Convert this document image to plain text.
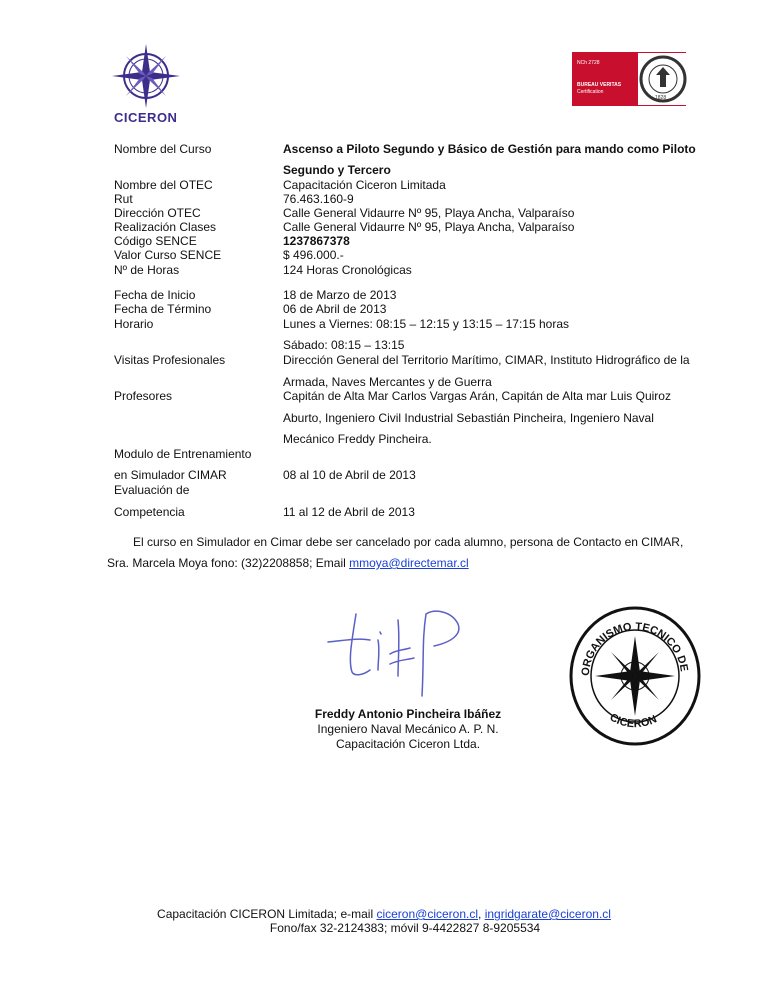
CICERON
NCh 2728
BUREAU VERITAS
Certification
1828
Nombre del Curso	Ascenso a Piloto Segundo y Básico de Gestión para mando como Piloto
Segundo y Tercero
Nombre del OTEC	Capacitación Ciceron Limitada
Rut	76.463.160-9
Dirección OTEC	Calle General Vidaurre Nº 95, Playa Ancha, Valparaíso
Realización Clases	Calle General Vidaurre Nº 95, Playa Ancha, Valparaíso
Código SENCE	1237867378
Valor Curso SENCE	$ 496.000.-
Nº de Horas	124 Horas Cronológicas
Fecha de Inicio	18 de Marzo de 2013
Fecha de Término	06 de Abril de 2013
Horario	Lunes a Viernes: 08:15 – 12:15 y 13:15 – 17:15 horas
Sábado: 08:15 – 13:15
Visitas Profesionales	Dirección General del Territorio Marítimo, CIMAR, Instituto Hidrográfico de la
Armada, Naves Mercantes y de Guerra
Profesores	Capitán de Alta Mar Carlos Vargas Arán, Capitán de Alta mar Luis Quiroz
Aburto, Ingeniero Civil Industrial Sebastián Pincheira, Ingeniero Naval
Mecánico Freddy Pincheira.
Modulo de Entrenamiento
en Simulador CIMAR	08 al 10 de Abril de 2013
Evaluación de
Competencia	11 al 12 de Abril de 2013
El curso en Simulador en Cimar debe ser cancelado por cada alumno, persona de Contacto en CIMAR,
Sra. Marcela Moya fono: (32)2208858; Email mmoya@directemar.cl
Freddy Antonio Pincheira Ibáñez
Ingeniero Naval Mecánico A. P. N.
Capacitación Ciceron Ltda.
ORGANISMO TECNICO DE
CICERON
Capacitación CICERON Limitada; e-mail ciceron@ciceron.cl, ingridgarate@ciceron.cl
Fono/fax 32-2124383; móvil 9-4422827 8-9205534
